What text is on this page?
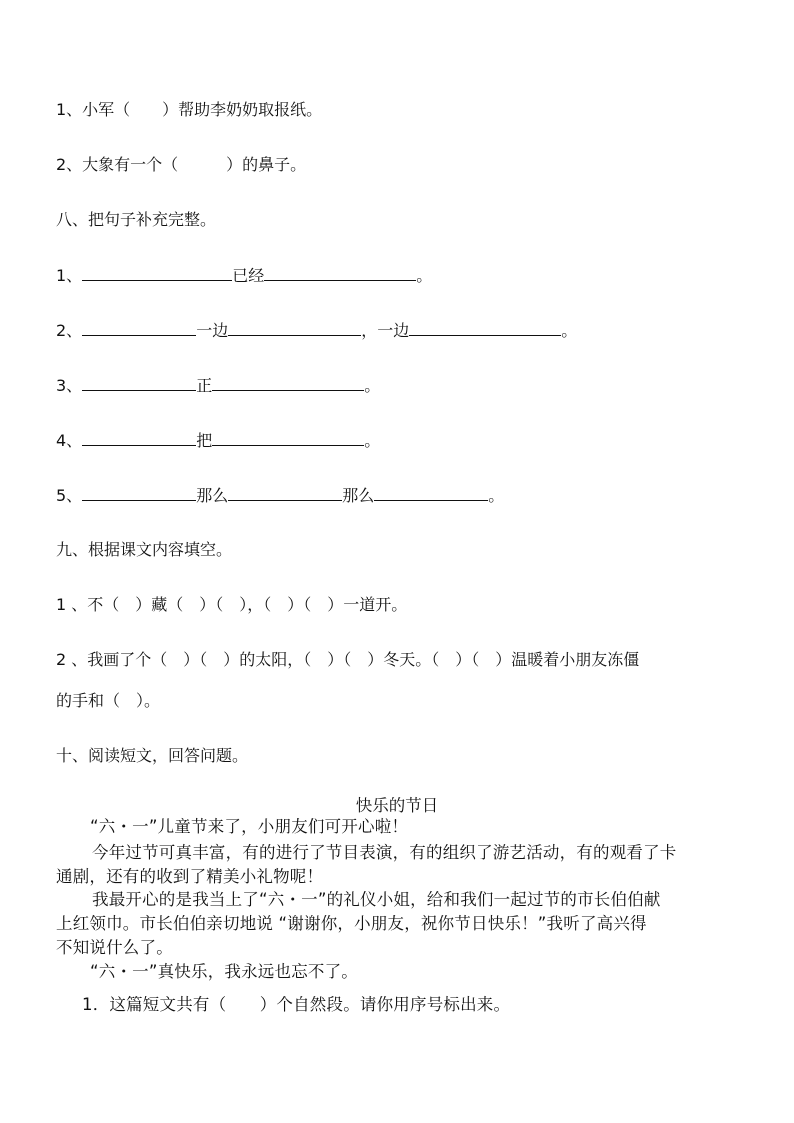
1、小军（　　）帮助李奶奶取报纸。
2、大象有一个（　　　）的鼻子。
八、把句子补充完整。
1、	已经	。
2、	一边	，一边	。
3、	正	。
4、	把	。
5、	那么	那么	。
九、根据课文内容填空。
1 、不（　）藏（　）（　），（　）（　）一道开。
2 、我画了个（　）（　）的太阳，（　）（　）冬天。（　）（　）温暖着小朋友冻僵
的手和（　）。
十、阅读短文，回答问题。
快乐的节日
“六・一”儿童节来了，小朋友们可开心啦！
今年过节可真丰富，有的进行了节目表演，有的组织了游艺活动，有的观看了卡
通剧，还有的收到了精美小礼物呢！
我最开心的是我当上了“六・一”的礼仪小姐，给和我们一起过节的市长伯伯献
上红领巾。市长伯伯亲切地说 “谢谢你，小朋友，祝你节日快乐！”我听了高兴得
不知说什么了。
“六・一”真快乐，我永远也忘不了。
1．这篇短文共有（　　）个自然段。请你用序号标出来。
